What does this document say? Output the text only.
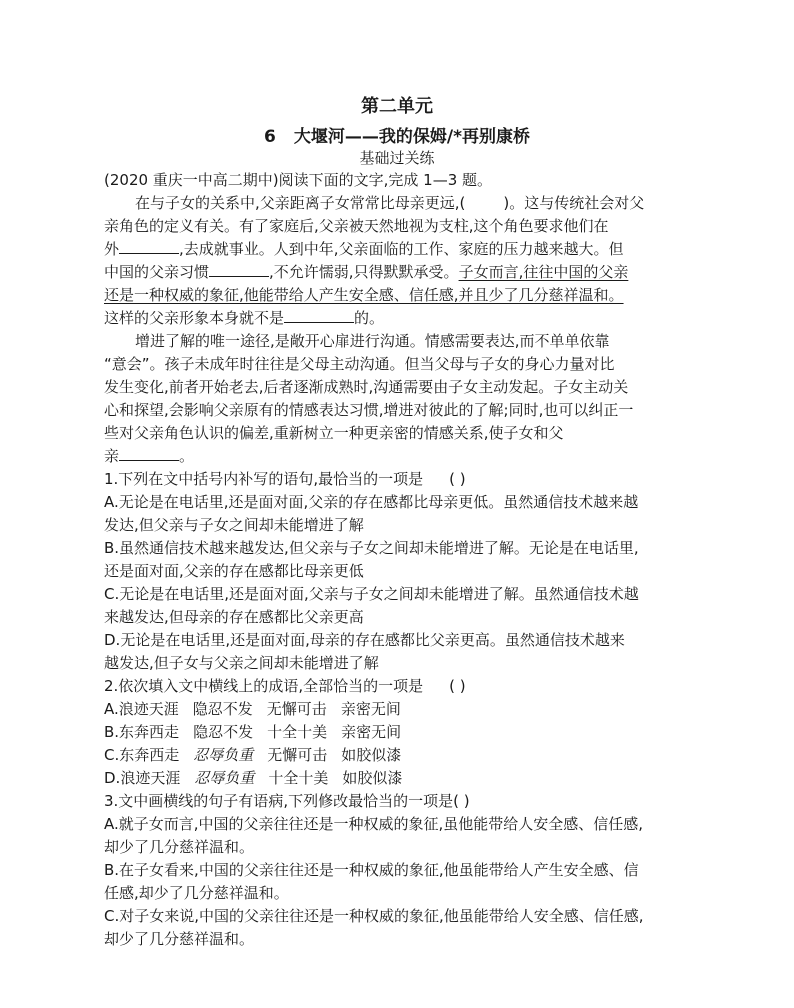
第二单元
6 大堰河——我的保姆/*再别康桥
基础过关练
(2020 重庆一中高二期中)阅读下面的文字,完成 1—3 题。
在与子女的关系中,父亲距离子女常常比母亲更远,(	)。这与传统社会对父
亲角色的定义有关。有了家庭后,父亲被天然地视为支柱,这个角色要求他们在
外	,去成就事业。人到中年,父亲面临的工作、家庭的压力越来越大。但
中国的父亲习惯	,不允许懦弱,只得默默承受。子女而言,往往中国的父亲
还是一种权威的象征,他能带给人产生安全感、信任感,并且少了几分慈祥温和。
这样的父亲形象本身就不是	的。
增进了解的唯一途径,是敞开心扉进行沟通。情感需要表达,而不单单依靠
“意会”。孩子未成年时往往是父母主动沟通。但当父母与子女的身心力量对比
发生变化,前者开始老去,后者逐渐成熟时,沟通需要由子女主动发起。子女主动关
心和探望,会影响父亲原有的情感表达习惯,增进对彼此的了解;同时,也可以纠正一
些对父亲角色认识的偏差,重新树立一种更亲密的情感关系,使子女和父
亲	。
1.下列在文中括号内补写的语句,最恰当的一项是 ( )
A.无论是在电话里,还是面对面,父亲的存在感都比母亲更低。虽然通信技术越来越
发达,但父亲与子女之间却未能增进了解
B.虽然通信技术越来越发达,但父亲与子女之间却未能增进了解。无论是在电话里,
还是面对面,父亲的存在感都比母亲更低
C.无论是在电话里,还是面对面,父亲与子女之间却未能增进了解。虽然通信技术越
来越发达,但母亲的存在感都比父亲更高
D.无论是在电话里,还是面对面,母亲的存在感都比父亲更高。虽然通信技术越来
越发达,但子女与父亲之间却未能增进了解
2.依次填入文中横线上的成语,全部恰当的一项是 ( )
A.浪迹天涯 隐忍不发 无懈可击 亲密无间
B.东奔西走 隐忍不发 十全十美 亲密无间
C.东奔西走 忍辱负重 无懈可击 如胶似漆
D.浪迹天涯 忍辱负重 十全十美 如胶似漆
3.文中画横线的句子有语病,下列修改最恰当的一项是( )
A.就子女而言,中国的父亲往往还是一种权威的象征,虽他能带给人安全感、信任感,
却少了几分慈祥温和。
B.在子女看来,中国的父亲往往还是一种权威的象征,他虽能带给人产生安全感、信
任感,却少了几分慈祥温和。
C.对子女来说,中国的父亲往往还是一种权威的象征,他虽能带给人安全感、信任感,
却少了几分慈祥温和。
